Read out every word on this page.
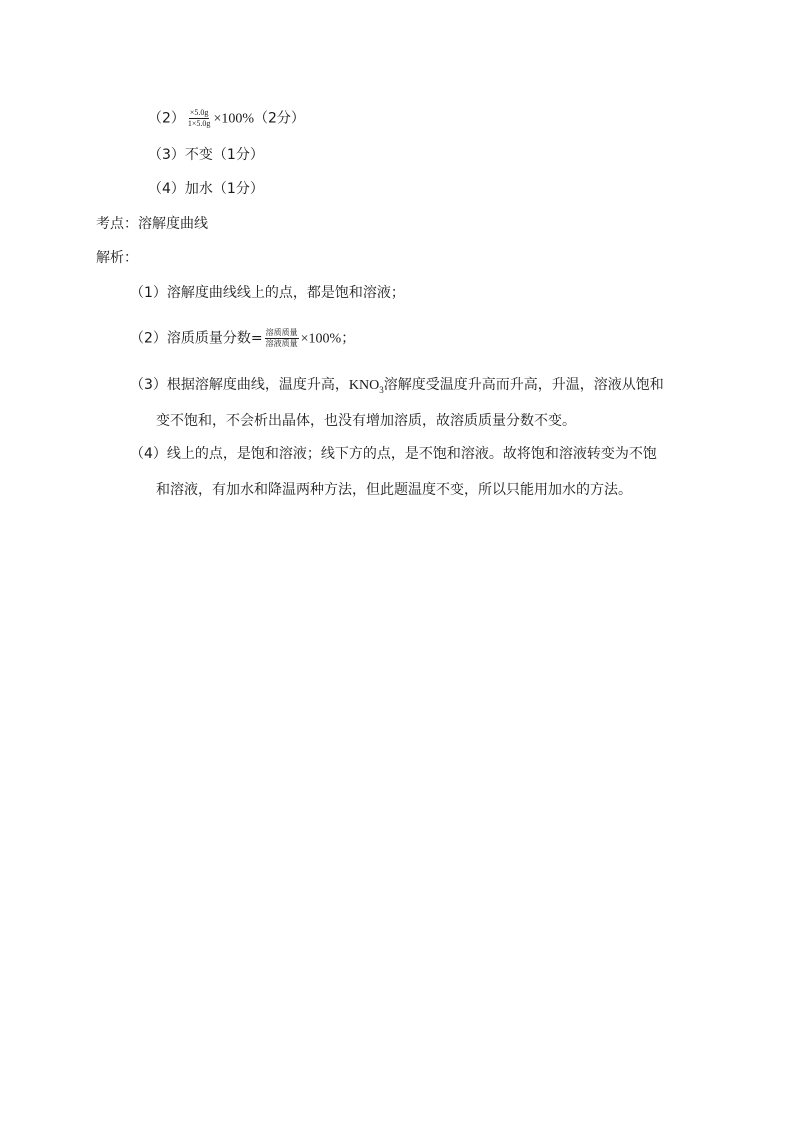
$(2) \frac{\times 5.0g}{1\times 5.0g} \times 100\%(2$分）
（3）不变（1分）
（4）加水（1分）
考点：溶解度曲线
解析：
（1）溶解度曲线线上的点，都是饱和溶液；
（2）溶质质量分数= $\frac{\text{溶质质量}}{\text{溶液质量}} \times 100\%$；
（3）根据溶解度曲线，温度升高，$KNO_3$溶解度受温度升高而升高，升温，溶液从饱和
变不饱和，不会析出晶体，也没有增加溶质，故溶质质量分数不变。
（4）线上的点，是饱和溶液；线下方的点，是不饱和溶液。故将饱和溶液转变为不饱
和溶液，有加水和降温两种方法，但此题温度不变，所以只能用加水的方法。
